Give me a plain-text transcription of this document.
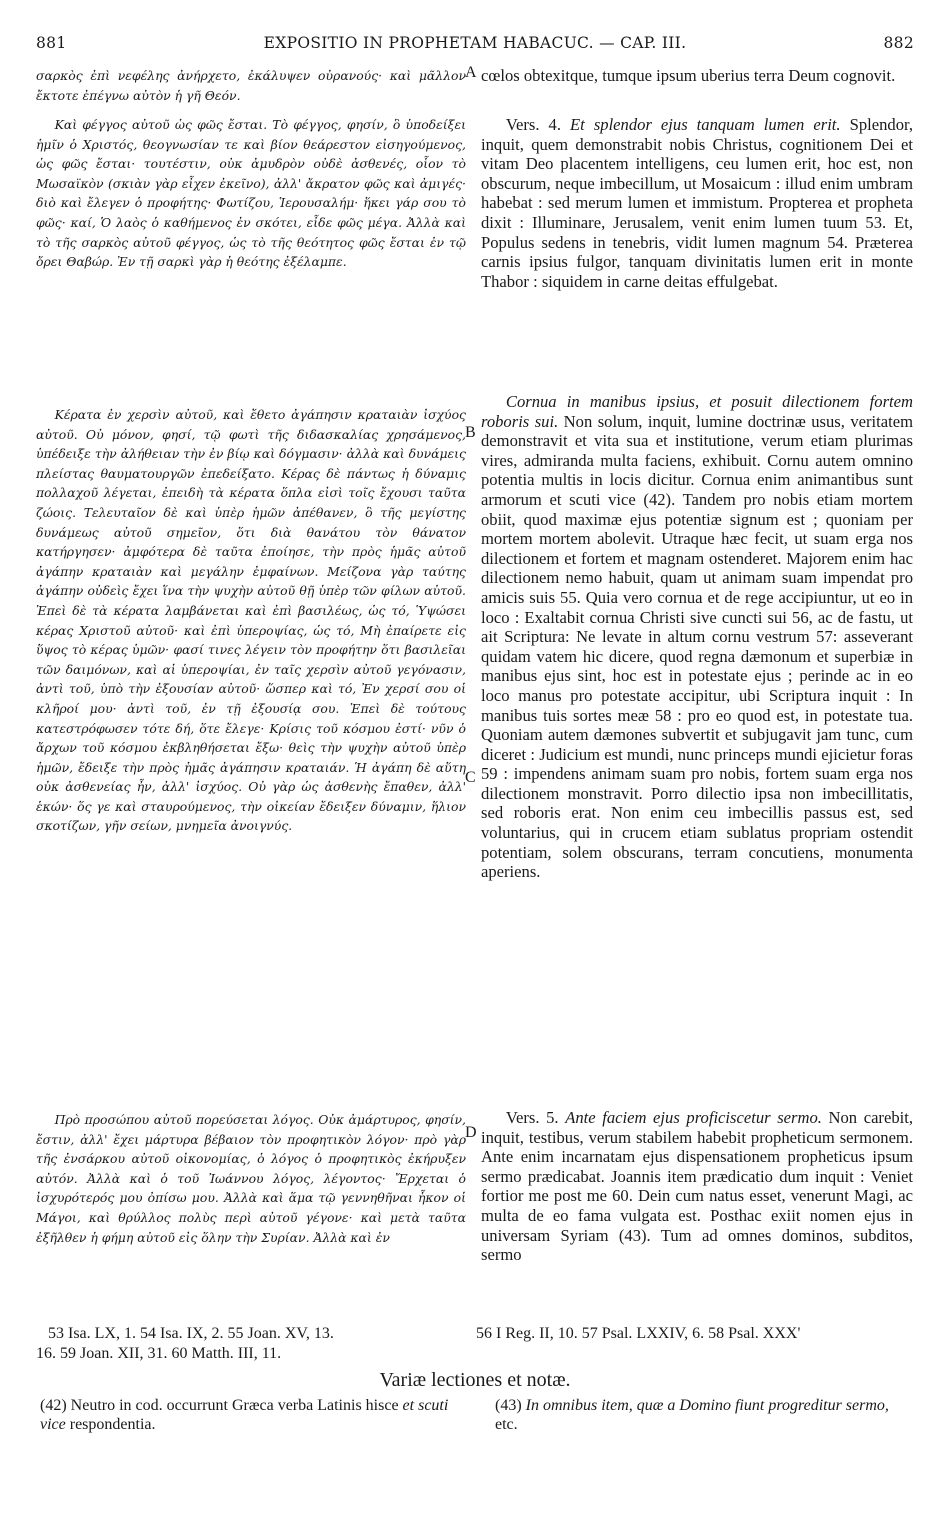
881	EXPOSITIO IN PROPHETAM HABACUC. — CAP. III.	882

σαρκὸς ἐπὶ νεφέλης ἀνήρχετο, ἐκάλυψεν οὐρανούς· καὶ μᾶλλον ἔκτοτε ἐπέγνω αὐτὸν ἡ γῆ Θεόν.

Καὶ φέγγος αὐτοῦ ὡς φῶς ἔσται. Τὸ φέγγος, φησίν, ὃ ὑποδείξει ἡμῖν ὁ Χριστός, θεογνωσίαν τε καὶ βίον θεάρεστον εἰσηγούμενος, ὡς φῶς ἔσται· τουτέστιν, οὐκ ἀμυδρὸν οὐδὲ ἀσθενές, οἷον τὸ Μωσαϊκὸν (σκιὰν γὰρ εἶχεν ἐκεῖνο), ἀλλ' ἄκρατον φῶς καὶ ἀμιγές· διὸ καὶ ἔλεγεν ὁ προφήτης· Φωτίζου, Ἱερουσαλήμ· ἥκει γάρ σου τὸ φῶς· καί, Ὁ λαὸς ὁ καθήμενος ἐν σκότει, εἶδε φῶς μέγα. Ἀλλὰ καὶ τὸ τῆς σαρκὸς αὐτοῦ φέγγος, ὡς τὸ τῆς θεότητος φῶς ἔσται ἐν τῷ ὄρει Θαβώρ. Ἐν τῇ σαρκὶ γὰρ ἡ θεότης ἐξέλαμπε.

Κέρατα ἐν χερσὶν αὐτοῦ, καὶ ἔθετο ἀγάπησιν κραταιὰν ἰσχύος αὐτοῦ. Οὐ μόνον, φησί, τῷ φωτὶ τῆς διδασκαλίας χρησάμενος, ὑπέδειξε τὴν ἀλήθειαν τὴν ἐν βίῳ καὶ δόγμασιν· ἀλλὰ καὶ δυνάμεις πλείστας θαυματουργῶν ἐπεδείξατο. Κέρας δὲ πάντως ἡ δύναμις πολλαχοῦ λέγεται, ἐπειδὴ τὰ κέρατα ὅπλα εἰσὶ τοῖς ἔχουσι ταῦτα ζώοις. Τελευταῖον δὲ καὶ ὑπὲρ ἡμῶν ἀπέθανεν, ὃ τῆς μεγίστης δυνάμεως αὐτοῦ σημεῖον, ὅτι διὰ θανάτου τὸν θάνατον κατήργησεν· ἀμφότερα δὲ ταῦτα ἐποίησε, τὴν πρὸς ἡμᾶς αὐτοῦ ἀγάπην κραταιὰν καὶ μεγάλην ἐμφαίνων. Μείζονα γὰρ ταύτης ἀγάπην οὐδεὶς ἔχει ἵνα τὴν ψυχὴν αὐτοῦ θῇ ὑπὲρ τῶν φίλων αὐτοῦ. Ἐπεὶ δὲ τὰ κέρατα λαμβάνεται καὶ ἐπὶ βασιλέως, ὡς τό, Ὑψώσει κέρας Χριστοῦ αὐτοῦ· καὶ ἐπὶ ὑπεροψίας, ὡς τό, Μὴ ἐπαίρετε εἰς ὕψος τὸ κέρας ὑμῶν· φασί τινες λέγειν τὸν προφήτην ὅτι βασιλεῖαι τῶν δαιμόνων, καὶ αἱ ὑπεροψίαι, ἐν ταῖς χερσὶν αὐτοῦ γεγόνασιν, ἀντὶ τοῦ, ὑπὸ τὴν ἐξουσίαν αὐτοῦ· ὥσπερ καὶ τό, Ἐν χερσί σου οἱ κλῆροί μου· ἀντὶ τοῦ, ἐν τῇ ἐξουσίᾳ σου. Ἐπεὶ δὲ τούτους κατεστρόφωσεν τότε δή, ὅτε ἔλεγε· Κρίσις τοῦ κόσμου ἐστί· νῦν ὁ ἄρχων τοῦ κόσμου ἐκβληθήσεται ἔξω· θεὶς τὴν ψυχὴν αὐτοῦ ὑπὲρ ἡμῶν, ἔδειξε τὴν πρὸς ἡμᾶς ἀγάπησιν κραταιάν. Ἡ ἀγάπη δὲ αὕτη οὐκ ἀσθενείας ἦν, ἀλλ' ἰσχύος. Οὐ γὰρ ὡς ἀσθενὴς ἔπαθεν, ἀλλ' ἑκών· ὅς γε καὶ σταυρούμενος, τὴν οἰκείαν ἔδειξεν δύναμιν, ἥλιον σκοτίζων, γῆν σείων, μνημεῖα ἀνοιγνύς.

Πρὸ προσώπου αὐτοῦ πορεύσεται λόγος. Οὐκ ἀμάρτυρος, φησίν, ἔστιν, ἀλλ' ἔχει μάρτυρα βέβαιον τὸν προφητικὸν λόγον· πρὸ γὰρ τῆς ἐνσάρκου αὐτοῦ οἰκονομίας, ὁ λόγος ὁ προφητικὸς ἐκήρυξεν αὐτόν. Ἀλλὰ καὶ ὁ τοῦ Ἰωάννου λόγος, λέγοντος· Ἔρχεται ὁ ἰσχυρότερός μου ὀπίσω μου. Ἀλλὰ καὶ ἅμα τῷ γεννηθῆναι ἧκον οἱ Μάγοι, καὶ θρύλλος πολὺς περὶ αὐτοῦ γέγονε· καὶ μετὰ ταῦτα ἐξῆλθεν ἡ φήμη αὐτοῦ εἰς ὅλην τὴν Συρίαν. Ἀλλὰ καὶ ἐν

A
B
C
D

cœlos obtexitque, tumque ipsum uberius terra Deum cognovit.

Vers. 4. Et splendor ejus tanquam lumen erit. Splendor, inquit, quem demonstrabit nobis Christus, cognitionem Dei et vitam Deo placentem intelligens, ceu lumen erit, hoc est, non obscurum, neque imbecillum, ut Mosaicum : illud enim umbram habebat : sed merum lumen et immistum. Propterea et propheta dixit : Illuminare, Jerusalem, venit enim lumen tuum 53. Et, Populus sedens in tenebris, vidit lumen magnum 54. Præterea carnis ipsius fulgor, tanquam divinitatis lumen erit in monte Thabor : siquidem in carne deitas effulgebat.

Cornua in manibus ipsius, et posuit dilectionem fortem roboris sui. Non solum, inquit, lumine doctrinæ usus, veritatem demonstravit et vita sua et institutione, verum etiam plurimas vires, admiranda multa faciens, exhibuit. Cornu autem omnino potentia multis in locis dicitur. Cornua enim animantibus sunt armorum et scuti vice (42). Tandem pro nobis etiam mortem obiit, quod maximæ ejus potentiæ signum est ; quoniam per mortem mortem abolevit. Utraque hæc fecit, ut suam erga nos dilectionem et fortem et magnam ostenderet. Majorem enim hac dilectionem nemo habuit, quam ut animam suam impendat pro amicis suis 55. Quia vero cornua et de rege accipiuntur, ut eo in loco : Exaltabit cornua Christi sive cuncti sui 56, ac de fastu, ut ait Scriptura: Ne levate in altum cornu vestrum 57: asseverant quidam vatem hic dicere, quod regna dæmonum et superbiæ in manibus ejus sint, hoc est in potestate ejus ; perinde ac in eo loco manus pro potestate accipitur, ubi Scriptura inquit : In manibus tuis sortes meæ 58 : pro eo quod est, in potestate tua. Quoniam autem dæmones subvertit et subjugavit jam tunc, cum diceret : Judicium est mundi, nunc princeps mundi ejicietur foras 59 : impendens animam suam pro nobis, fortem suam erga nos dilectionem monstravit. Porro dilectio ipsa non imbecillitatis, sed roboris erat. Non enim ceu imbecillis passus est, sed voluntarius, qui in crucem etiam sublatus propriam ostendit potentiam, solem obscurans, terram concutiens, monumenta aperiens.

Vers. 5. Ante faciem ejus proficiscetur sermo. Non carebit, inquit, testibus, verum stabilem habebit propheticum sermonem. Ante enim incarnatam ejus dispensationem propheticus ipsum sermo prædicabat. Joannis item prædicatio dum inquit : Veniet fortior me post me 60. Dein cum natus esset, venerunt Magi, ac multa de eo fama vulgata est. Posthac exiit nomen ejus in universam Syriam (43). Tum ad omnes dominos, subditos, sermo

53 Isa. LX, 1. 54 Isa. IX, 2. 55 Joan. XV, 13.
16. 59 Joan. XII, 31. 60 Matth. III, 11.
56 I Reg. II, 10. 57 Psal. LXXIV, 6. 58 Psal. XXX'
Variæ lectiones et notæ.
(42) Neutro in cod. occurrunt Græca verba Latinis hisce et scuti vice respondentia.
(43) In omnibus item, quæ a Domino fiunt progreditur sermo, etc.
